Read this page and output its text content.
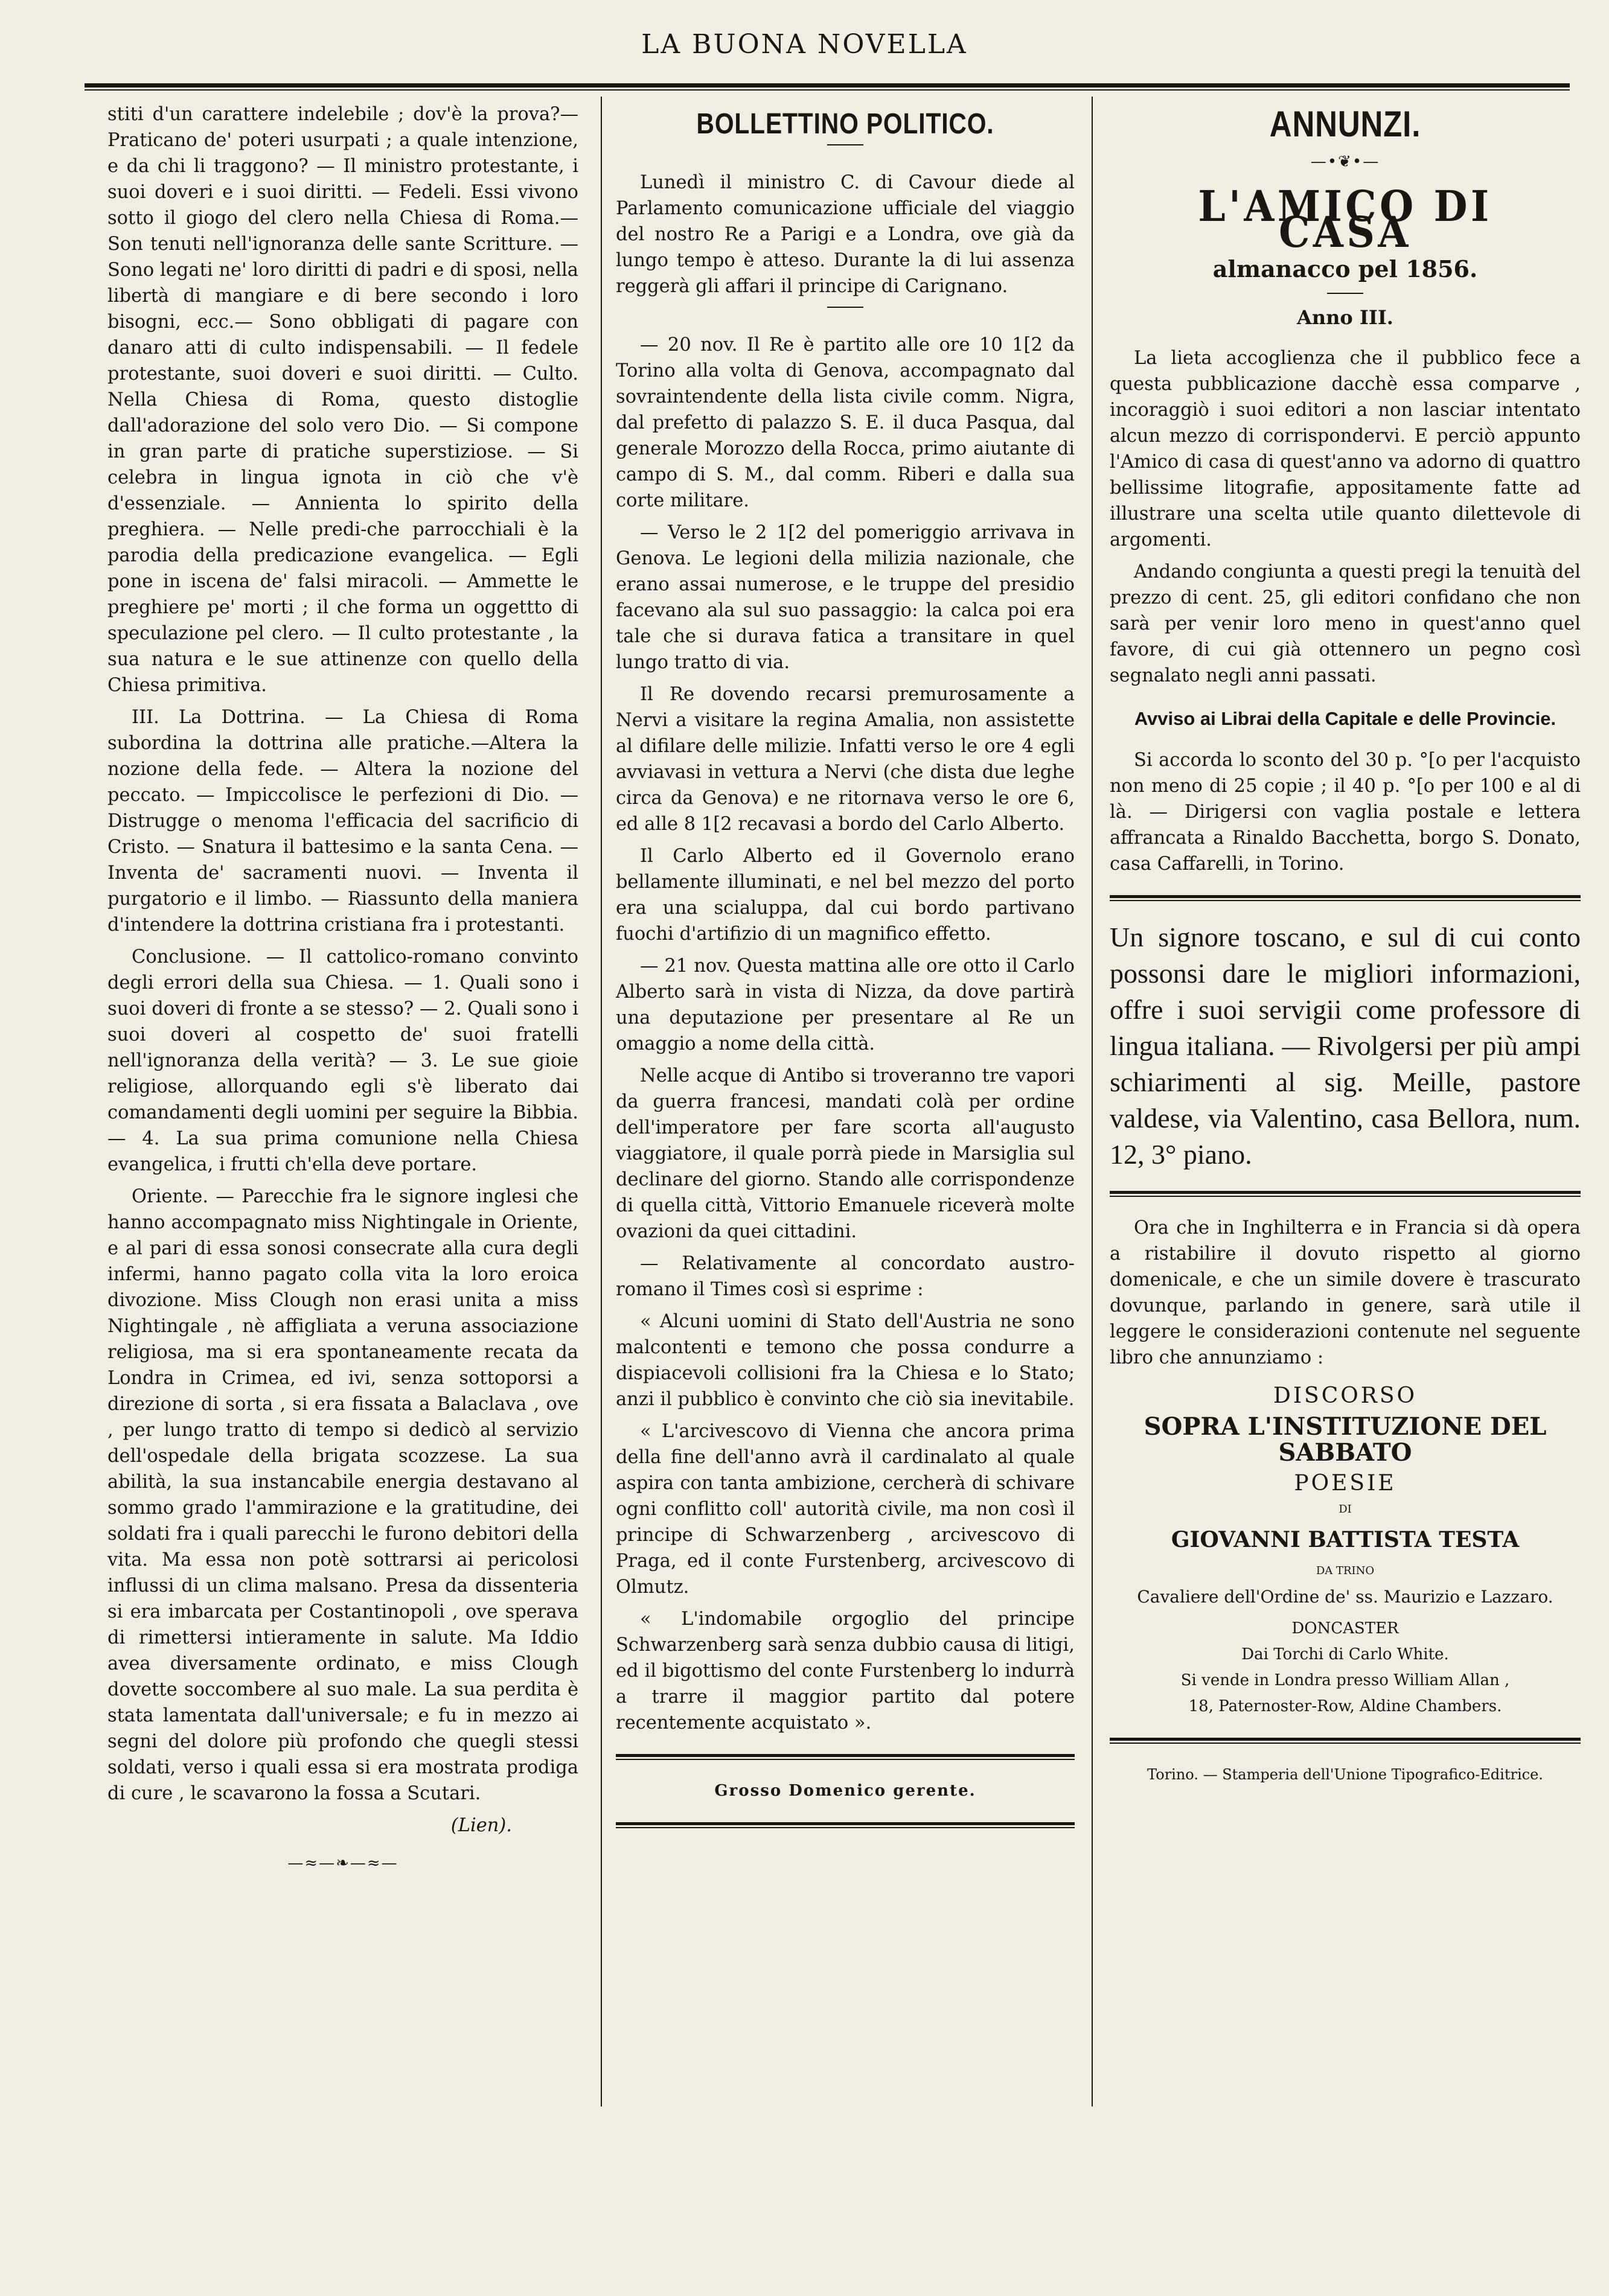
LA BUONA NOVELLA

stiti d'un carattere indelebile ; dov'è la prova?— Praticano de' poteri usurpati ; a quale intenzione, e da chi li traggono? — Il ministro protestante, i suoi doveri e i suoi diritti. — Fedeli. Essi vivono sotto il giogo del clero nella Chiesa di Roma.— Son tenuti nell'ignoranza delle sante Scritture. — Sono legati ne' loro diritti di padri e di sposi, nella libertà di mangiare e di bere secondo i loro bisogni, ecc.— Sono obbligati di pagare con danaro atti di culto indispensabili. — Il fedele protestante, suoi doveri e suoi diritti. — Culto. Nella Chiesa di Roma, questo distoglie dall'adorazione del solo vero Dio. — Si compone in gran parte di pratiche superstiziose. — Si celebra in lingua ignota in ciò che v'è d'essenziale. — Annienta lo spirito della preghiera. — Nelle predi-che parrocchiali è la parodia della predicazione evangelica. — Egli pone in iscena de' falsi miracoli. — Ammette le preghiere pe' morti ; il che forma un oggettto di speculazione pel clero. — Il culto protestante , la sua natura e le sue attinenze con quello della Chiesa primitiva.

III. La Dottrina. — La Chiesa di Roma subordina la dottrina alle pratiche.—Altera la nozione della fede. — Altera la nozione del peccato. — Impiccolisce le perfezioni di Dio. — Distrugge o menoma l'efficacia del sacrificio di Cristo. — Snatura il battesimo e la santa Cena. — Inventa de' sacramenti nuovi. — Inventa il purgatorio e il limbo. — Riassunto della maniera d'intendere la dottrina cristiana fra i protestanti.

Conclusione. — Il cattolico-romano convinto degli errori della sua Chiesa. — 1. Quali sono i suoi doveri di fronte a se stesso? — 2. Quali sono i suoi doveri al cospetto de' suoi fratelli nell'ignoranza della verità? — 3. Le sue gioie religiose, allorquando egli s'è liberato dai comandamenti degli uomini per seguire la Bibbia. — 4. La sua prima comunione nella Chiesa evangelica, i frutti ch'ella deve portare.

Oriente. — Parecchie fra le signore inglesi che hanno accompagnato miss Nightingale in Oriente, e al pari di essa sonosi consecrate alla cura degli infermi, hanno pagato colla vita la loro eroica divozione. Miss Clough non erasi unita a miss Nightingale , nè affigliata a veruna associazione religiosa, ma si era spontaneamente recata da Londra in Crimea, ed ivi, senza sottoporsi a direzione di sorta , si era fissata a Balaclava , ove , per lungo tratto di tempo si dedicò al servizio dell'ospedale della brigata scozzese. La sua abilità, la sua instancabile energia destavano al sommo grado l'ammirazione e la gratitudine, dei soldati fra i quali parecchi le furono debitori della vita. Ma essa non potè sottrarsi ai pericolosi influssi di un clima malsano. Presa da dissenteria si era imbarcata per Costantinopoli , ove sperava di rimettersi intieramente in salute. Ma Iddio avea diversamente ordinato, e miss Clough dovette soccombere al suo male. La sua perdita è stata lamentata dall'universale; e fu in mezzo ai segni del dolore più profondo che quegli stessi soldati, verso i quali essa si era mostrata prodiga di cure , le scavarono la fossa a Scutari.

(Lien).
—≈—❧—≈—
BOLLETTINO POLITICO.

Lunedì il ministro C. di Cavour diede al Parlamento comunicazione ufficiale del viaggio del nostro Re a Parigi e a Londra, ove già da lungo tempo è atteso. Durante la di lui assenza reggerà gli affari il principe di Carignano.

— 20 nov. Il Re è partito alle ore 10 1[2 da Torino alla volta di Genova, accompagnato dal sovraintendente della lista civile comm. Nigra, dal prefetto di palazzo S. E. il duca Pasqua, dal generale Morozzo della Rocca, primo aiutante di campo di S. M., dal comm. Riberi e dalla sua corte militare.

— Verso le 2 1[2 del pomeriggio arrivava in Genova. Le legioni della milizia nazionale, che erano assai numerose, e le truppe del presidio facevano ala sul suo passaggio: la calca poi era tale che si durava fatica a transitare in quel lungo tratto di via.

Il Re dovendo recarsi premurosamente a Nervi a visitare la regina Amalia, non assistette al difilare delle milizie. Infatti verso le ore 4 egli avviavasi in vettura a Nervi (che dista due leghe circa da Genova) e ne ritornava verso le ore 6, ed alle 8 1[2 recavasi a bordo del Carlo Alberto.

Il Carlo Alberto ed il Governolo erano bellamente illuminati, e nel bel mezzo del porto era una scialuppa, dal cui bordo partivano fuochi d'artifizio di un magnifico effetto.

— 21 nov. Questa mattina alle ore otto il Carlo Alberto sarà in vista di Nizza, da dove partirà una deputazione per presentare al Re un omaggio a nome della città.

Nelle acque di Antibo si troveranno tre vapori da guerra francesi, mandati colà per ordine dell'imperatore per fare scorta all'augusto viaggiatore, il quale porrà piede in Marsiglia sul declinare del giorno. Stando alle corrispondenze di quella città, Vittorio Emanuele riceverà molte ovazioni da quei cittadini.

— Relativamente al concordato austro-romano il Times così si esprime :

« Alcuni uomini di Stato dell'Austria ne sono malcontenti e temono che possa condurre a dispiacevoli collisioni fra la Chiesa e lo Stato; anzi il pubblico è convinto che ciò sia inevitabile.

« L'arcivescovo di Vienna che ancora prima della fine dell'anno avrà il cardinalato al quale aspira con tanta ambizione, cercherà di schivare ogni conflitto coll' autorità civile, ma non così il principe di Schwarzenberg , arcivescovo di Praga, ed il conte Furstenberg, arcivescovo di Olmutz.

« L'indomabile orgoglio del principe Schwarzenberg sarà senza dubbio causa di litigi, ed il bigottismo del conte Furstenberg lo indurrà a trarre il maggior partito dal potere recentemente acquistato ».

Grosso Domenico gerente.
ANNUNZI.
—•❦•—
L'AMICO DI CASA
almanacco pel 1856.
Anno III.

La lieta accoglienza che il pubblico fece a questa pubblicazione dacchè essa comparve , incoraggiò i suoi editori a non lasciar intentato alcun mezzo di corrispondervi. E perciò appunto l'Amico di casa di quest'anno va adorno di quattro bellissime litografie, appositamente fatte ad illustrare una scelta utile quanto dilettevole di argomenti.

Andando congiunta a questi pregi la tenuità del prezzo di cent. 25, gli editori confidano che non sarà per venir loro meno in quest'anno quel favore, di cui già ottennero un pegno così segnalato negli anni passati.

Avviso ai Librai della Capitale e delle Provincie.

Si accorda lo sconto del 30 p. °[o per l'acquisto non meno di 25 copie ; il 40 p. °[o per 100 e al di là. — Dirigersi con vaglia postale e lettera affrancata a Rinaldo Bacchetta, borgo S. Donato, casa Caffarelli, in Torino.

Un signore toscano, e sul di cui conto possonsi dare le migliori informazioni, offre i suoi servigii come professore di lingua italiana. — Rivolgersi per più ampi schiarimenti al sig. Meille, pastore valdese, via Valentino, casa Bellora, num. 12, 3° piano.

Ora che in Inghilterra e in Francia si dà opera a ristabilire il dovuto rispetto al giorno domenicale, e che un simile dovere è trascurato dovunque, parlando in genere, sarà utile il leggere le considerazioni contenute nel seguente libro che annunziamo :

DISCORSO
SOPRA L'INSTITUZIONE DEL SABBATO
POESIE
DI
GIOVANNI BATTISTA TESTA
DA TRINO
Cavaliere dell'Ordine de' ss. Maurizio e Lazzaro.
DONCASTER
Dai Torchi di Carlo White.
Si vende in Londra presso William Allan ,
18, Paternoster-Row, Aldine Chambers.
Torino. — Stamperia dell'Unione Tipografico-Editrice.
